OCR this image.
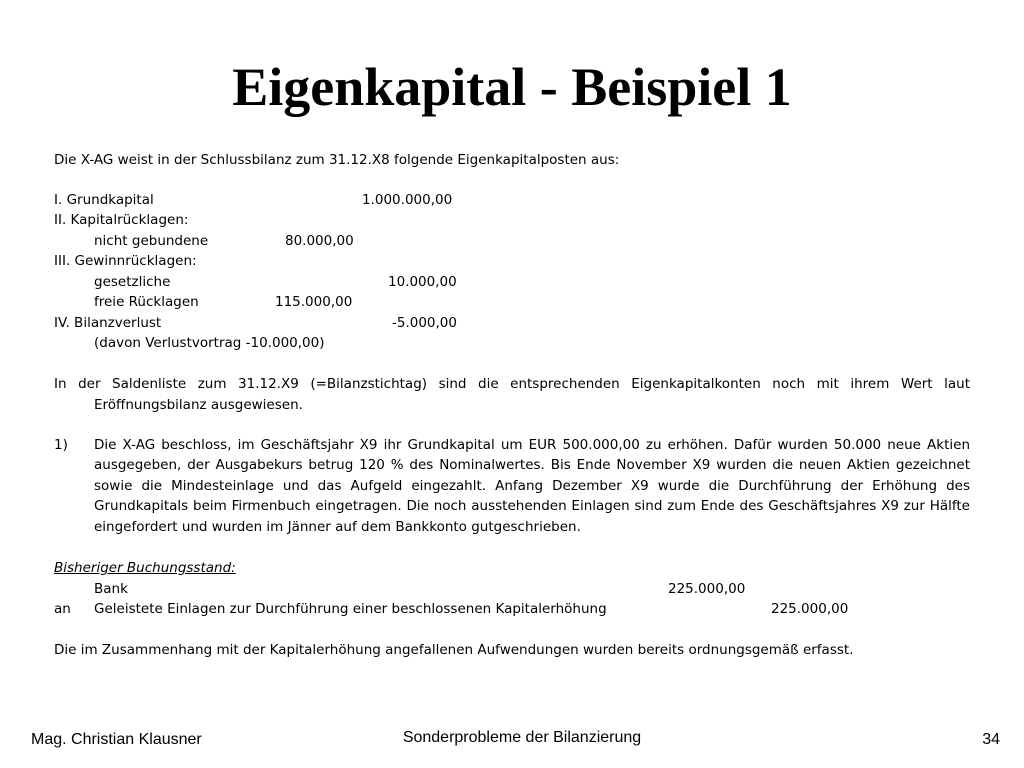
Eigenkapital - Beispiel 1
Die X-AG weist in der Schlussbilanz zum 31.12.X8 folgende Eigenkapitalposten aus:
I. Grundkapital	1.000.000,00
II. Kapitalrücklagen:
nicht gebundene	80.000,00
III. Gewinnrücklagen:
gesetzliche	10.000,00
freie Rücklagen	115.000,00
IV. Bilanzverlust	-5.000,00
(davon Verlustvortrag -10.000,00)
In der Saldenliste zum 31.12.X9 (=Bilanzstichtag) sind die entsprechenden Eigenkapitalkonten noch mit ihrem Wert laut
Eröffnungsbilanz ausgewiesen.
1) Die X-AG beschloss, im Geschäftsjahr X9 ihr Grundkapital um EUR 500.000,00 zu erhöhen. Dafür wurden 50.000 neue Aktien ausgegeben, der Ausgabekurs betrug 120 % des Nominalwertes. Bis Ende November X9 wurden die neuen Aktien gezeichnet sowie die Mindesteinlage und das Aufgeld eingezahlt. Anfang Dezember X9 wurde die Durchführung der Erhöhung des Grundkapitals beim Firmenbuch eingetragen. Die noch ausstehenden Einlagen sind zum Ende des Geschäftsjahres X9 zur Hälfte eingefordert und wurden im Jänner auf dem Bankkonto gutgeschrieben.
Bisheriger Buchungsstand:
Bank	225.000,00
an Geleistete Einlagen zur Durchführung einer beschlossenen Kapitalerhöhung	225.000,00
Die im Zusammenhang mit der Kapitalerhöhung angefallenen Aufwendungen wurden bereits ordnungsgemäß erfasst.
Mag. Christian Klausner	Sonderprobleme der Bilanzierung	34
